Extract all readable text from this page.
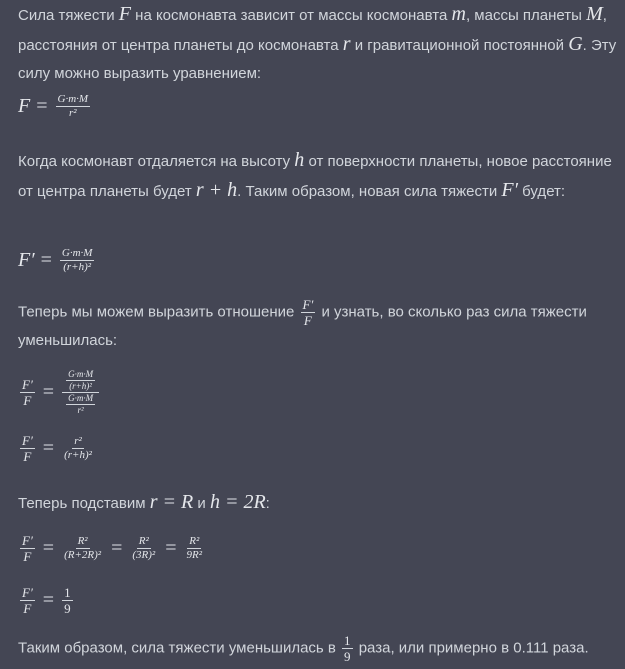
Сила тяжести F на космонавта зависит от массы космонавта m, массы планеты M, расстояния от центра планеты до космонавта r и гравитационной постоянной G. Эту силу можно выразить уравнением:
$F = \frac{G\cdot m\cdot M}{\text{r²}}$
Когда космонавт отдаляется на высоту h от поверхности планеты, новое расстояние от центра планеты будет r + h. Таким образом, новая сила тяжести F′ будет:
$F' = \frac{G\cdot m\cdot M}{\text{(r+h)²}}$
Теперь мы можем выразить отношение $\frac{F'}{F}$ и узнать, во сколько раз сила тяжести уменьшилась:
$\frac{F'}{F} = \frac{\frac{G\cdot m\cdot M}{\text{(r+h)²}}}{\frac{G\cdot m\cdot M}{\text{r²}}}$
$\frac{F'}{F} = \frac{\text{r²}}{\text{(r+h)²}}$
Теперь подставим r = R и h = 2R:
$\frac{F'}{F} = \frac{\text{R²}}{\text{(R+2R)²}} = \frac{\text{R²}}{\text{(3R)²}} = \frac{\text{R²}}{\text{9R²}}$
$\frac{F'}{F} = \frac{1}{9}$
Таким образом, сила тяжести уменьшилась в $\frac{1}{9}$ раза, или примерно в 0.111 раза.
